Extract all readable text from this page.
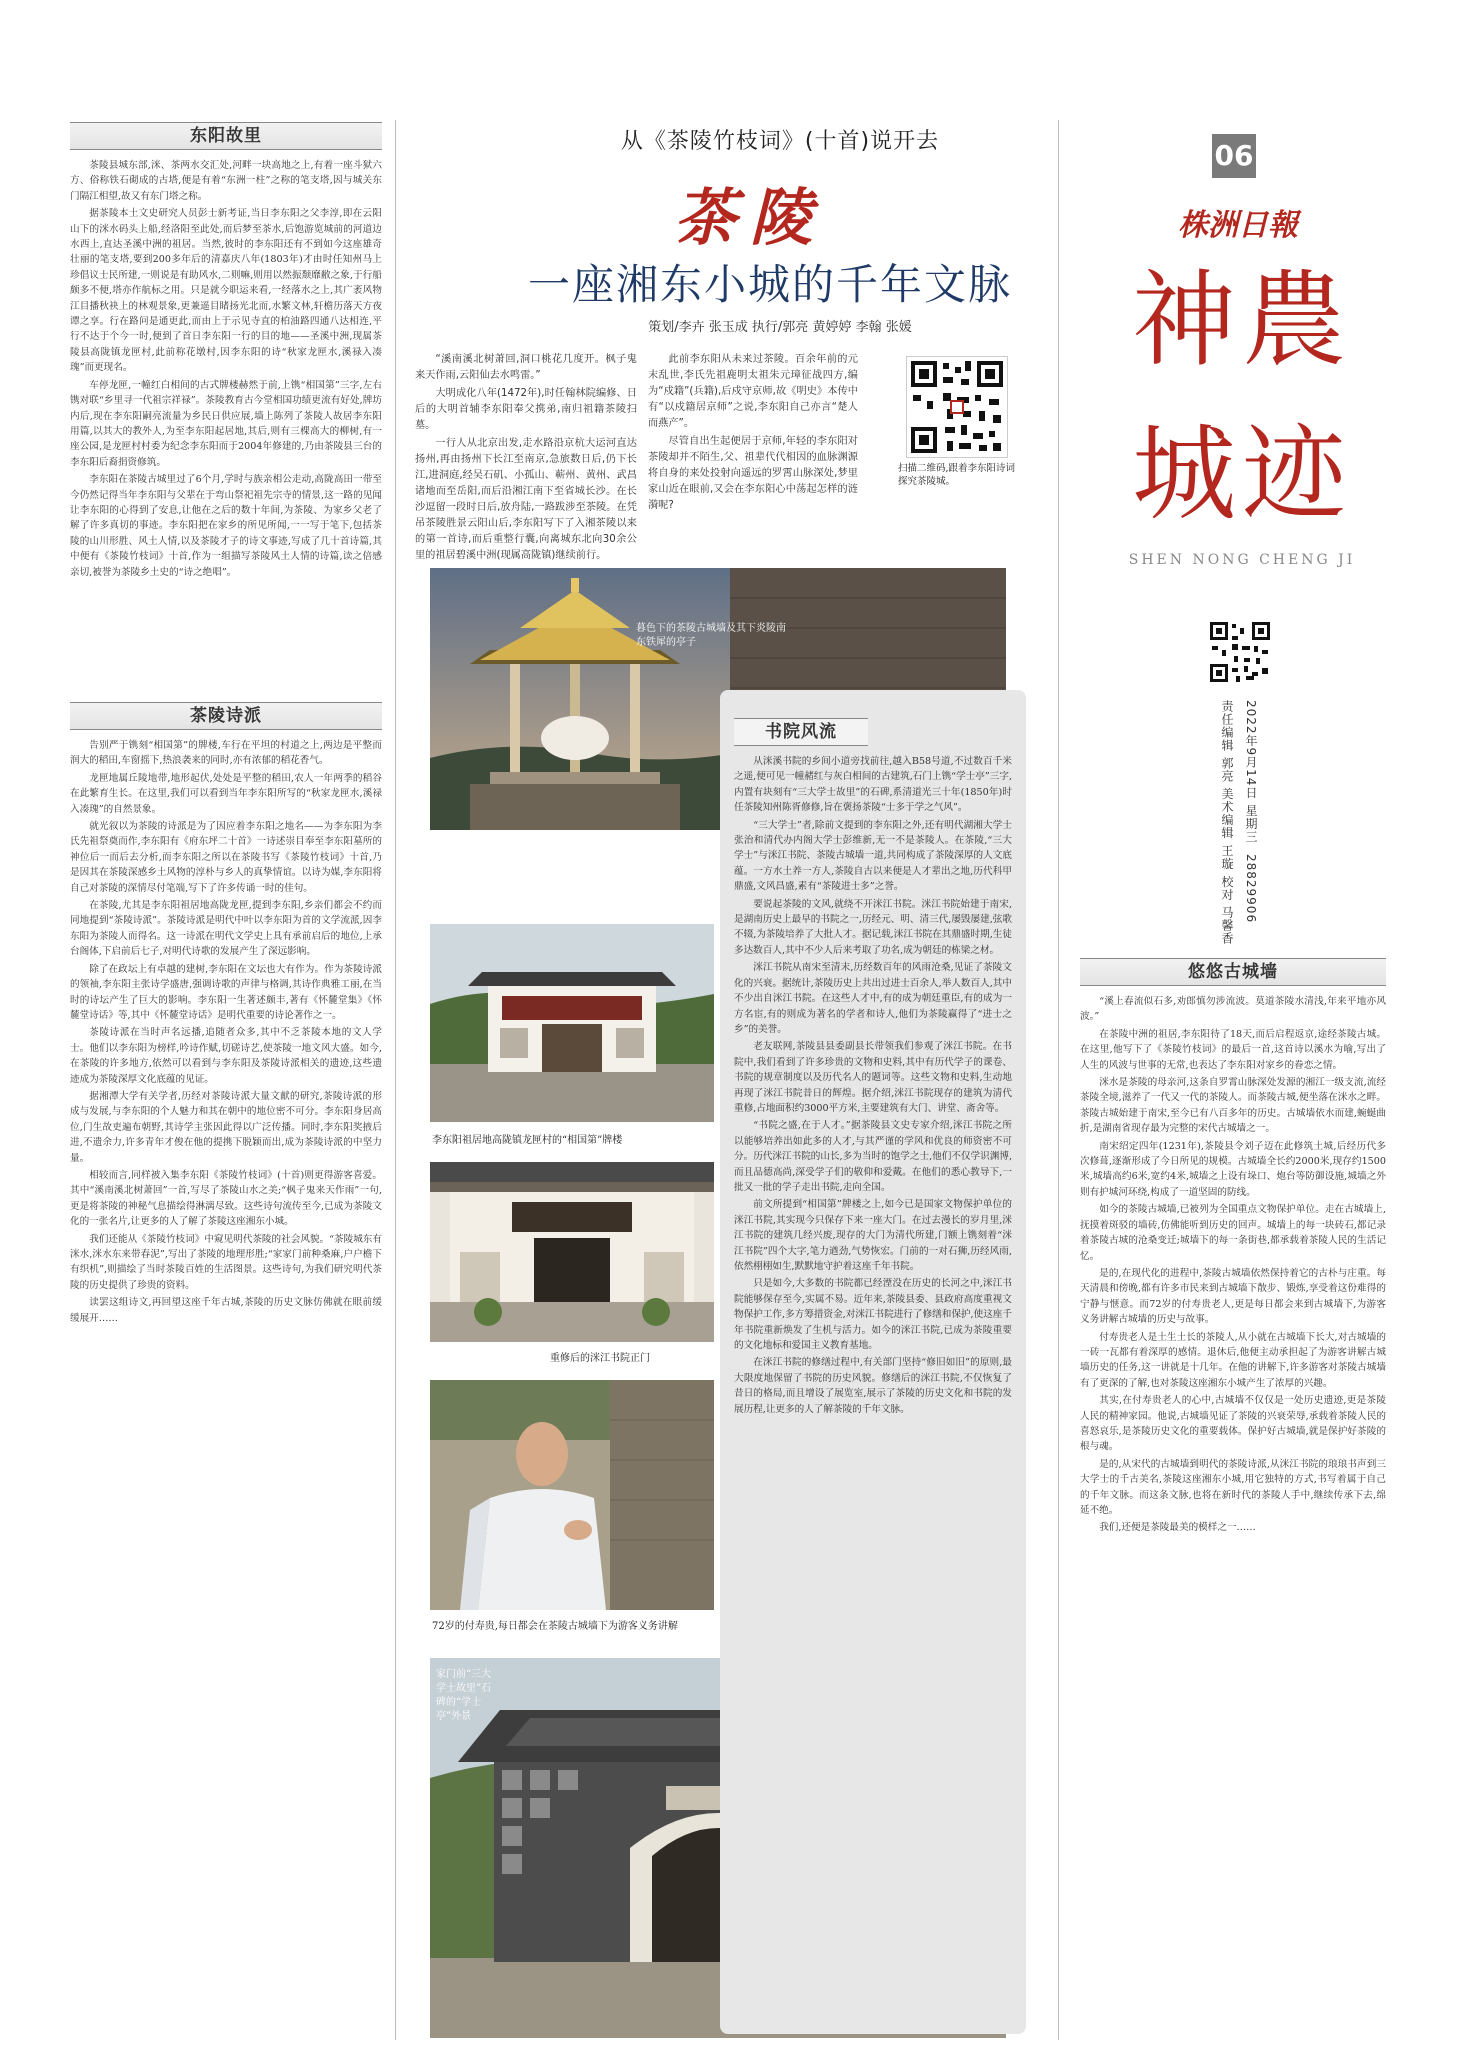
东阳故里

茶陵县城东部,洣、茶两水交汇处,河畔一块高地之上,有着一座斗狱六方、俗称铁石砌成的古塔,便是有着“东洲一柱”之称的笔支塔,因与城关东门隔江相望,故又有东门塔之称。

据茶陵本土文史研究人员彭士新考证,当日李东阳之父李淳,即在云阳山下的洣水码头上船,经洛阳至此处,而后梦至茶水,后饱游览城前的河道边水西上,直达圣溪中洲的祖居。当然,彼时的李东阳还有不到如今这座雄奇壮丽的笔支塔,要到200多年后的清嘉庆八年(1803年)才由时任知州马上珍倡议士民所建,一则说是有助风水,二则嘛,则用以然振颓靡敝之象,于行船颇多不便,塔亦作航标之用。只是就今职运来看,一经落水之上,其广袤风物江目播秋袂上的林观景象,更兼遥目睹扬光北而,水繁文林,轩檐历落天方夜谭之享。行在路问是通更此,而由上于示见寺直的柏油路四通八达相连,平行不达于个今一时,便到了首日李东阳一行的目的地——圣溪中洲,现属茶陵县高陇镇龙匣村,此前称花墩村,因李东阳的诗“秋家龙匣水,溪禄入凑瑰”而更现名。

车停龙匣,一幢红白相间的古式牌楼赫然于前,上镌“相国第”三字,左右镌对联“乡里寻一代祖宗祥禄”。茶陵教育古今堂相国功绩更流有好处,牌坊内后,现在李东阳嗣亮流量为乡民日供应展,墙上陈列了茶陵人故居李东阳用篇,以其大的教外人,为至李东阳起居地,其后,则有三棵高大的柳树,有一座公园,是龙匣村村委为纪念李东阳而于2004年修建的,乃由茶陵县三台的李东阳后裔捐资修筑。

李东阳在茶陵古城里过了6个月,学时与族亲相公走动,高陇高田一带至今仍然记得当年李东阳与父辈在于弯山祭祀祖先宗寺的情景,这一路的见闻让李东阳的心得到了安息,让他在之后的数十年间,为茶陵、为家乡父老了解了许多真切的事迹。李东阳把在家乡的所见所闻,一一写于笔下,包括茶陵的山川形胜、风土人情,以及茶陵才子的诗文事迹,写成了几十首诗篇,其中便有《茶陵竹枝词》十首,作为一组描写茶陵风土人情的诗篇,读之倍感亲切,被誉为茶陵乡土史的“诗之绝唱”。

茶陵诗派

告别严于镌刻“相国第”的牌楼,车行在平坦的村道之上,两边是平整而润大的稻田,车窗摇下,热浪袭来的同时,亦有浓郁的稻花香气。

龙匣地属丘陵地带,地形起伏,处处是平整的稻田,农人一年两季的稻谷在此繁育生长。在这里,我们可以看到当年李东阳所写的“秋家龙匣水,溪禄入凑瑰”的自然景象。

就光叙以为茶陵的诗派是为了因应着李东阳之地名——为李东阳为李氏先祖祭奠而作,李东阳有《府东坪二十首》一诗述崇目奉至李东阳墓所的神位后一而后去分析,而李东阳之所以在茶陵书写《茶陵竹枝词》十首,乃是因其在茶陵深感乡土风物的淳朴与乡人的真挚情谊。以诗为媒,李东阳将自己对茶陵的深情尽付笔端,写下了许多传诵一时的佳句。

在茶陵,尤其是李东阳祖居地高陇龙匣,提到李东阳,乡亲们都会不约而同地提到“茶陵诗派”。茶陵诗派是明代中叶以李东阳为首的文学流派,因李东阳为茶陵人而得名。这一诗派在明代文学史上具有承前启后的地位,上承台阁体,下启前后七子,对明代诗歌的发展产生了深远影响。

除了在政坛上有卓越的建树,李东阳在文坛也大有作为。作为茶陵诗派的领袖,李东阳主张诗学盛唐,强调诗歌的声律与格调,其诗作典雅工丽,在当时的诗坛产生了巨大的影响。李东阳一生著述颇丰,著有《怀麓堂集》《怀麓堂诗话》等,其中《怀麓堂诗话》是明代重要的诗论著作之一。

茶陵诗派在当时声名远播,追随者众多,其中不乏茶陵本地的文人学士。他们以李东阳为榜样,吟诗作赋,切磋诗艺,使茶陵一地文风大盛。如今,在茶陵的许多地方,依然可以看到与李东阳及茶陵诗派相关的遗迹,这些遗迹成为茶陵深厚文化底蕴的见证。

据湘潭大学有关学者,历经对茶陵诗派大量文献的研究,茶陵诗派的形成与发展,与李东阳的个人魅力和其在朝中的地位密不可分。李东阳身居高位,门生故吏遍布朝野,其诗学主张因此得以广泛传播。同时,李东阳奖掖后进,不遗余力,许多青年才俊在他的提携下脱颖而出,成为茶陵诗派的中坚力量。

相较而言,同样被入集李东阳《茶陵竹枝词》(十首)则更得游客喜爱。其中“溪南溪北树萧回”一首,写尽了茶陵山水之美;“枫子鬼来天作雨”一句,更是将茶陵的神秘气息描绘得淋漓尽致。这些诗句流传至今,已成为茶陵文化的一张名片,让更多的人了解了茶陵这座湘东小城。

我们还能从《茶陵竹枝词》中窥见明代茶陵的社会风貌。“茶陵城东有洣水,洣水东来带春泥”,写出了茶陵的地理形胜;“家家门前种桑麻,户户檐下有织机”,则描绘了当时茶陵百姓的生活图景。这些诗句,为我们研究明代茶陵的历史提供了珍贵的资料。

读罢这组诗文,再回望这座千年古城,茶陵的历史文脉仿佛就在眼前缓缓展开……

从《茶陵竹枝词》(十首)说开去
茶陵
一座湘东小城的千年文脉
策划/李卉 张玉成 执行/郭亮 黄婷婷 李翰 张媛

“溪南溪北树萧回,洞口桃花几度开。枫子鬼来天作雨,云阳仙去水鸣雷。”

大明成化八年(1472年),时任翰林院编修、日后的大明首辅李东阳奉父携弟,南归祖籍茶陵扫墓。

一行人从北京出发,走水路沿京杭大运河直达扬州,再由扬州下长江至南京,急旅数日后,仍下长江,进洞庭,经吴石矶、小孤山、蕲州、黄州、武昌诸地而至岳阳,而后沿湘江南下至省城长沙。在长沙逗留一段时日后,放舟陆,一路跋涉至茶陵。在凭吊茶陵胜景云阳山后,李东阳写下了入湘茶陵以来的第一首诗,而后重整行囊,向离城东北向30余公里的祖居碧溪中洲(现属高陇镇)继续前行。

此前李东阳从未来过茶陵。百余年前的元末乱世,李氏先祖鹿明太祖朱元璋征战四方,编为“戍籍”(兵籍),后戍守京师,故《明史》本传中有“以戍籍居京师”之说,李东阳自己亦言“楚人而燕产”。

尽管自出生起便居于京师,年轻的李东阳对茶陵却并不陌生,父、祖辈代代相因的血脉渊源将自身的来处投射向遥远的罗霄山脉深处,梦里家山近在眼前,又会在李东阳心中荡起怎样的涟漪呢?

扫描二维码,跟着李东阳诗词探究茶陵城。
暮色下的茶陵古城墙及其下炎陵南东铁犀的亭子
李东阳祖居地高陇镇龙匣村的“相国第”牌楼
重修后的洣江书院正门
72岁的付寿贵,每日都会在茶陵古城墙下为游客义务讲解
家门前“三大学士故里”石碑的“学士亭”外景
书院风流

从洣溪书院的乡间小道旁找前往,越入B58号道,不过数百千米之遥,便可见一幢赭红与灰白相间的古建筑,石门上镌“学士亭”三字,内置有块刻有“三大学士故里”的石碑,系清道光三十年(1850年)时任茶陵知州陈胥修修,旨在褒扬茶陵“士多于学之气风”。

“三大学士”者,除前文提到的李东阳之外,还有明代湖湘大学士张治和清代办内阁大学士彭维新,无一不是茶陵人。在茶陵,“三大学士”与洣江书院、茶陵古城墙一道,共同构成了茶陵深厚的人文底蕴。一方水土养一方人,茶陵自古以来便是人才辈出之地,历代科甲鼎盛,文风昌盛,素有“茶陵进士多”之誉。

要说起茶陵的文风,就绕不开洣江书院。洣江书院始建于南宋,是湖南历史上最早的书院之一,历经元、明、清三代,屡毁屡建,弦歌不辍,为茶陵培养了大批人才。据记载,洣江书院在其鼎盛时期,生徒多达数百人,其中不少人后来考取了功名,成为朝廷的栋梁之材。

洣江书院从南宋至清末,历经数百年的风雨沧桑,见证了茶陵文化的兴衰。据统计,茶陵历史上共出过进士百余人,举人数百人,其中不少出自洣江书院。在这些人才中,有的成为朝廷重臣,有的成为一方名宦,有的则成为著名的学者和诗人,他们为茶陵赢得了“进士之乡”的美誉。

老友联网,茶陵县县委副县长带领我们参观了洣江书院。在书院中,我们看到了许多珍贵的文物和史料,其中有历代学子的课卷、书院的规章制度以及历代名人的题词等。这些文物和史料,生动地再现了洣江书院昔日的辉煌。据介绍,洣江书院现存的建筑为清代重修,占地面积约3000平方米,主要建筑有大门、讲堂、斋舍等。

“书院之盛,在于人才。”据茶陵县文史专家介绍,洣江书院之所以能够培养出如此多的人才,与其严谨的学风和优良的师资密不可分。历代洣江书院的山长,多为当时的饱学之士,他们不仅学识渊博,而且品德高尚,深受学子们的敬仰和爱戴。在他们的悉心教导下,一批又一批的学子走出书院,走向全国。

前文所提到“相国第”牌楼之上,如今已是国家文物保护单位的洣江书院,其实现今只保存下来一座大门。在过去漫长的岁月里,洣江书院的建筑几经兴废,现存的大门为清代所建,门额上镌刻着“洣江书院”四个大字,笔力遒劲,气势恢宏。门前的一对石狮,历经风雨,依然栩栩如生,默默地守护着这座千年书院。

只是如今,大多数的书院都已经湮没在历史的长河之中,洣江书院能够保存至今,实属不易。近年来,茶陵县委、县政府高度重视文物保护工作,多方筹措资金,对洣江书院进行了修缮和保护,使这座千年书院重新焕发了生机与活力。如今的洣江书院,已成为茶陵重要的文化地标和爱国主义教育基地。

在洣江书院的修缮过程中,有关部门坚持“修旧如旧”的原则,最大限度地保留了书院的历史风貌。修缮后的洣江书院,不仅恢复了昔日的格局,而且增设了展览室,展示了茶陵的历史文化和书院的发展历程,让更多的人了解茶陵的千年文脉。

06
株洲日報
神農
城迹
SHEN NONG CHENG JI
责任编辑 郭亮 美术编辑 王璇 校对 马馨香 2022年9月14日 星期三 28829906
悠悠古城墙

“溪上春流似石多,劝郎慎勿涉流波。莫道茶陵水清浅,年来平地亦风波。”

在茶陵中洲的祖居,李东阳待了18天,而后启程返京,途经茶陵古城。在这里,他写下了《茶陵竹枝词》的最后一首,这首诗以溪水为喻,写出了人生的风波与世事的无常,也表达了李东阳对家乡的眷恋之情。

洣水是茶陵的母亲河,这条自罗霄山脉深处发源的湘江一级支流,流经茶陵全境,滋养了一代又一代的茶陵人。而茶陵古城,便坐落在洣水之畔。茶陵古城始建于南宋,至今已有八百多年的历史。古城墙依水而建,蜿蜒曲折,是湖南省现存最为完整的宋代古城墙之一。

南宋绍定四年(1231年),茶陵县令刘子迈在此修筑土城,后经历代多次修葺,逐渐形成了今日所见的规模。古城墙全长约2000米,现存约1500米,城墙高约6米,宽约4米,城墙之上设有垛口、炮台等防御设施,城墙之外则有护城河环绕,构成了一道坚固的防线。

如今的茶陵古城墙,已被列为全国重点文物保护单位。走在古城墙上,抚摸着斑驳的墙砖,仿佛能听到历史的回声。城墙上的每一块砖石,都记录着茶陵古城的沧桑变迁;城墙下的每一条街巷,都承载着茶陵人民的生活记忆。

是的,在现代化的进程中,茶陵古城墙依然保持着它的古朴与庄重。每天清晨和傍晚,都有许多市民来到古城墙下散步、锻炼,享受着这份难得的宁静与惬意。而72岁的付寿贵老人,更是每日都会来到古城墙下,为游客义务讲解古城墙的历史与故事。

付寿贵老人是土生土长的茶陵人,从小就在古城墙下长大,对古城墙的一砖一瓦都有着深厚的感情。退休后,他便主动承担起了为游客讲解古城墙历史的任务,这一讲就是十几年。在他的讲解下,许多游客对茶陵古城墙有了更深的了解,也对茶陵这座湘东小城产生了浓厚的兴趣。

其实,在付寿贵老人的心中,古城墙不仅仅是一处历史遗迹,更是茶陵人民的精神家园。他说,古城墙见证了茶陵的兴衰荣辱,承载着茶陵人民的喜怒哀乐,是茶陵历史文化的重要载体。保护好古城墙,就是保护好茶陵的根与魂。

是的,从宋代的古城墙到明代的茶陵诗派,从洣江书院的琅琅书声到三大学士的千古美名,茶陵这座湘东小城,用它独特的方式,书写着属于自己的千年文脉。而这条文脉,也将在新时代的茶陵人手中,继续传承下去,绵延不绝。

我们,还便是茶陵最美的模样之一……
